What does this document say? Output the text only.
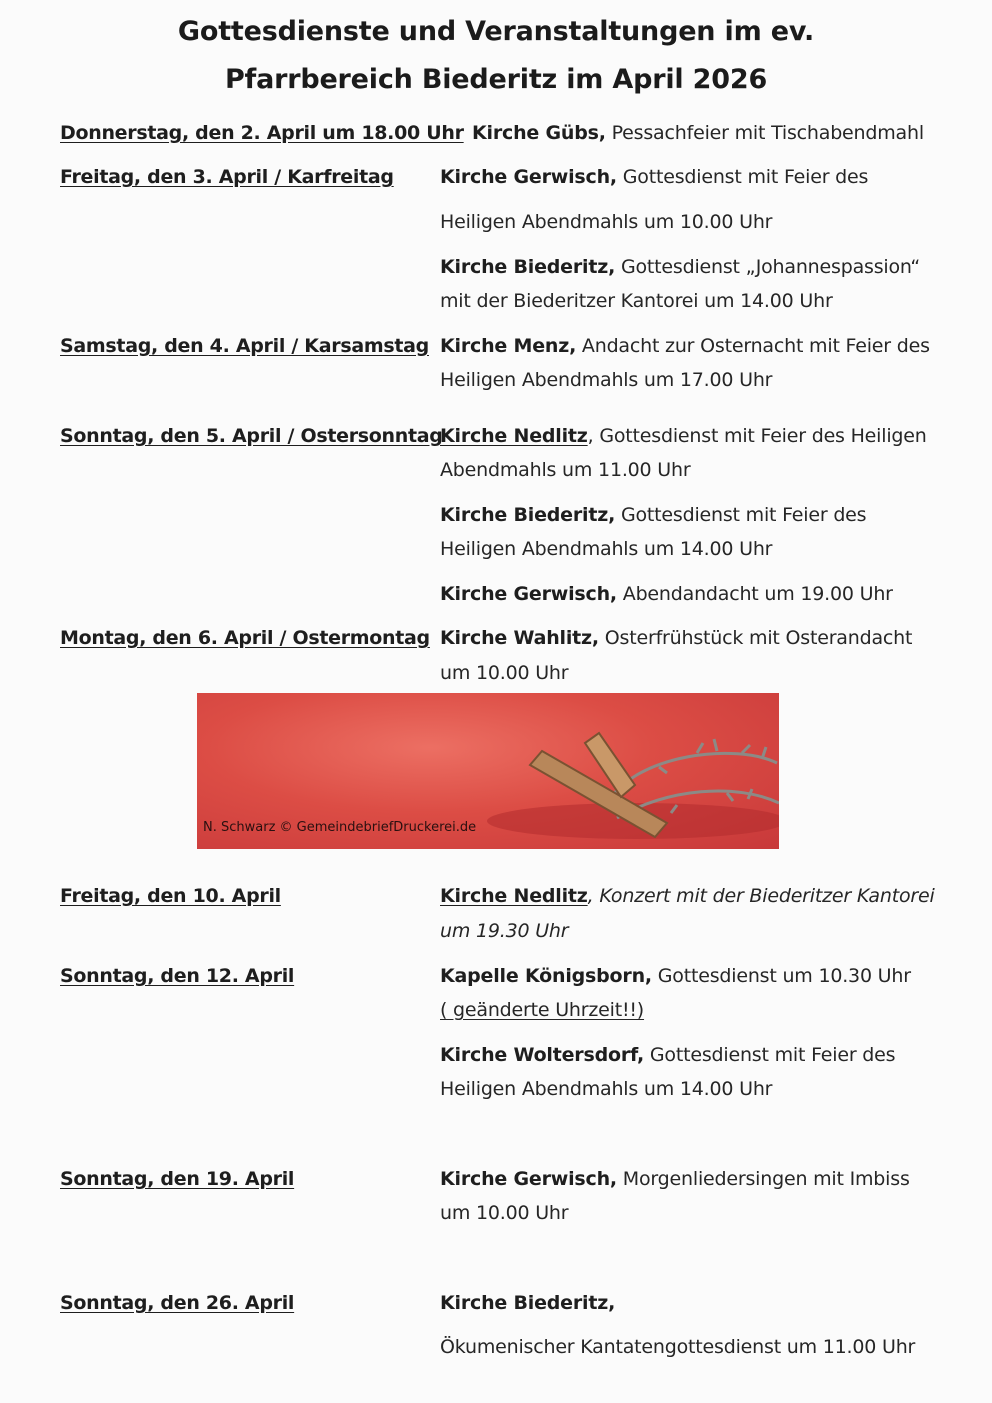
Gottesdienste und Veranstaltungen im ev.
Pfarrbereich Biederitz im April 2026
Donnerstag, den 2. April um 18.00 Uhr Kirche Gübs, Pessachfeier mit Tischabendmahl
Freitag, den 3. April / Karfreitag Kirche Gerwisch, Gottesdienst mit Feier des
Heiligen Abendmahls um 10.00 Uhr
Kirche Biederitz, Gottesdienst „Johannespassion“
mit der Biederitzer Kantorei um 14.00 Uhr
Samstag, den 4. April / Karsamstag Kirche Menz, Andacht zur Osternacht mit Feier des
Heiligen Abendmahls um 17.00 Uhr
Sonntag, den 5. April / Ostersonntag
Kirche Nedlitz, Gottesdienst mit Feier des Heiligen
Abendmahls um 11.00 Uhr
Kirche Biederitz, Gottesdienst mit Feier des
Heiligen Abendmahls um 14.00 Uhr
Kirche Gerwisch, Abendandacht um 19.00 Uhr
Montag, den 6. April / Ostermontag Kirche Wahlitz, Osterfrühstück mit Osterandacht
um 10.00 Uhr
N. Schwarz © GemeindebriefDruckerei.de
Freitag, den 10. April	Kirche Nedlitz, Konzert mit der Biederitzer Kantorei
um 19.30 Uhr
Sonntag, den 12. April	Kapelle Königsborn, Gottesdienst um 10.30 Uhr
( geänderte Uhrzeit!!)
Kirche Woltersdorf, Gottesdienst mit Feier des
Heiligen Abendmahls um 14.00 Uhr
Sonntag, den 19. April	Kirche Gerwisch, Morgenliedersingen mit Imbiss
um 10.00 Uhr
Sonntag, den 26. April	Kirche Biederitz,
Ökumenischer Kantatengottesdienst um 11.00 Uhr
